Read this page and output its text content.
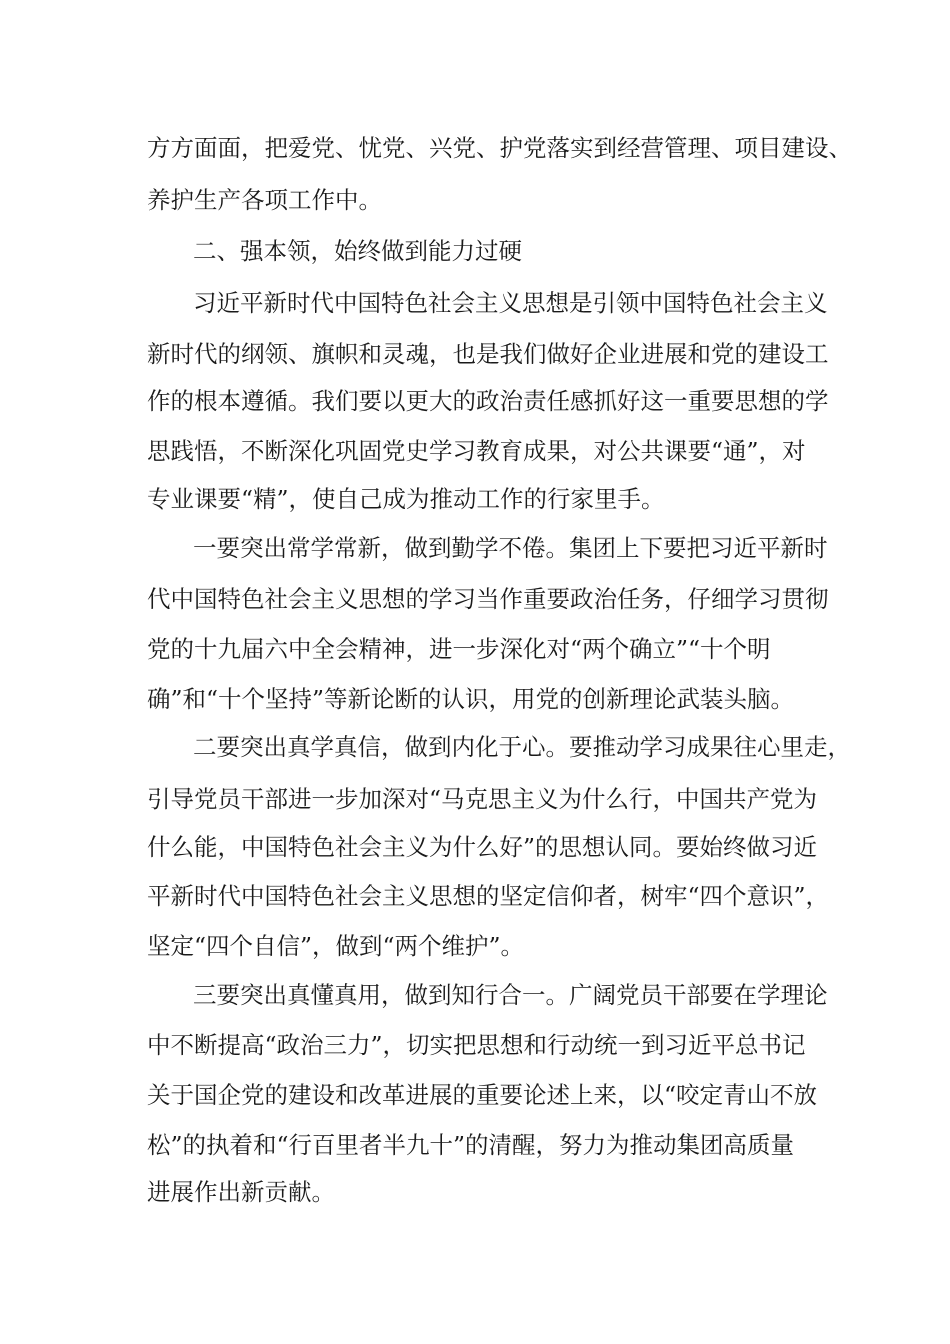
方方面面，把爱党、忧党、兴党、护党落实到经营管理、项目建设、
养护生产各项工作中。
二、强本领，始终做到能力过硬
习近平新时代中国特色社会主义思想是引领中国特色社会主义
新时代的纲领、旗帜和灵魂，也是我们做好企业进展和党的建设工
作的根本遵循。我们要以更大的政治责任感抓好这一重要思想的学
思践悟，不断深化巩固党史学习教育成果，对公共课要“通”，对
专业课要“精”，使自己成为推动工作的行家里手。
一要突出常学常新，做到勤学不倦。集团上下要把习近平新时
代中国特色社会主义思想的学习当作重要政治任务，仔细学习贯彻
党的十九届六中全会精神，进一步深化对“两个确立”“十个明
确”和“十个坚持”等新论断的认识，用党的创新理论武装头脑。
二要突出真学真信，做到内化于心。要推动学习成果往心里走，
引导党员干部进一步加深对“马克思主义为什么行，中国共产党为
什么能，中国特色社会主义为什么好”的思想认同。要始终做习近
平新时代中国特色社会主义思想的坚定信仰者，树牢“四个意识”，
坚定“四个自信”，做到“两个维护”。
三要突出真懂真用，做到知行合一。广阔党员干部要在学理论
中不断提高“政治三力”，切实把思想和行动统一到习近平总书记
关于国企党的建设和改革进展的重要论述上来，以“咬定青山不放
松”的执着和“行百里者半九十”的清醒，努力为推动集团高质量
进展作出新贡献。
